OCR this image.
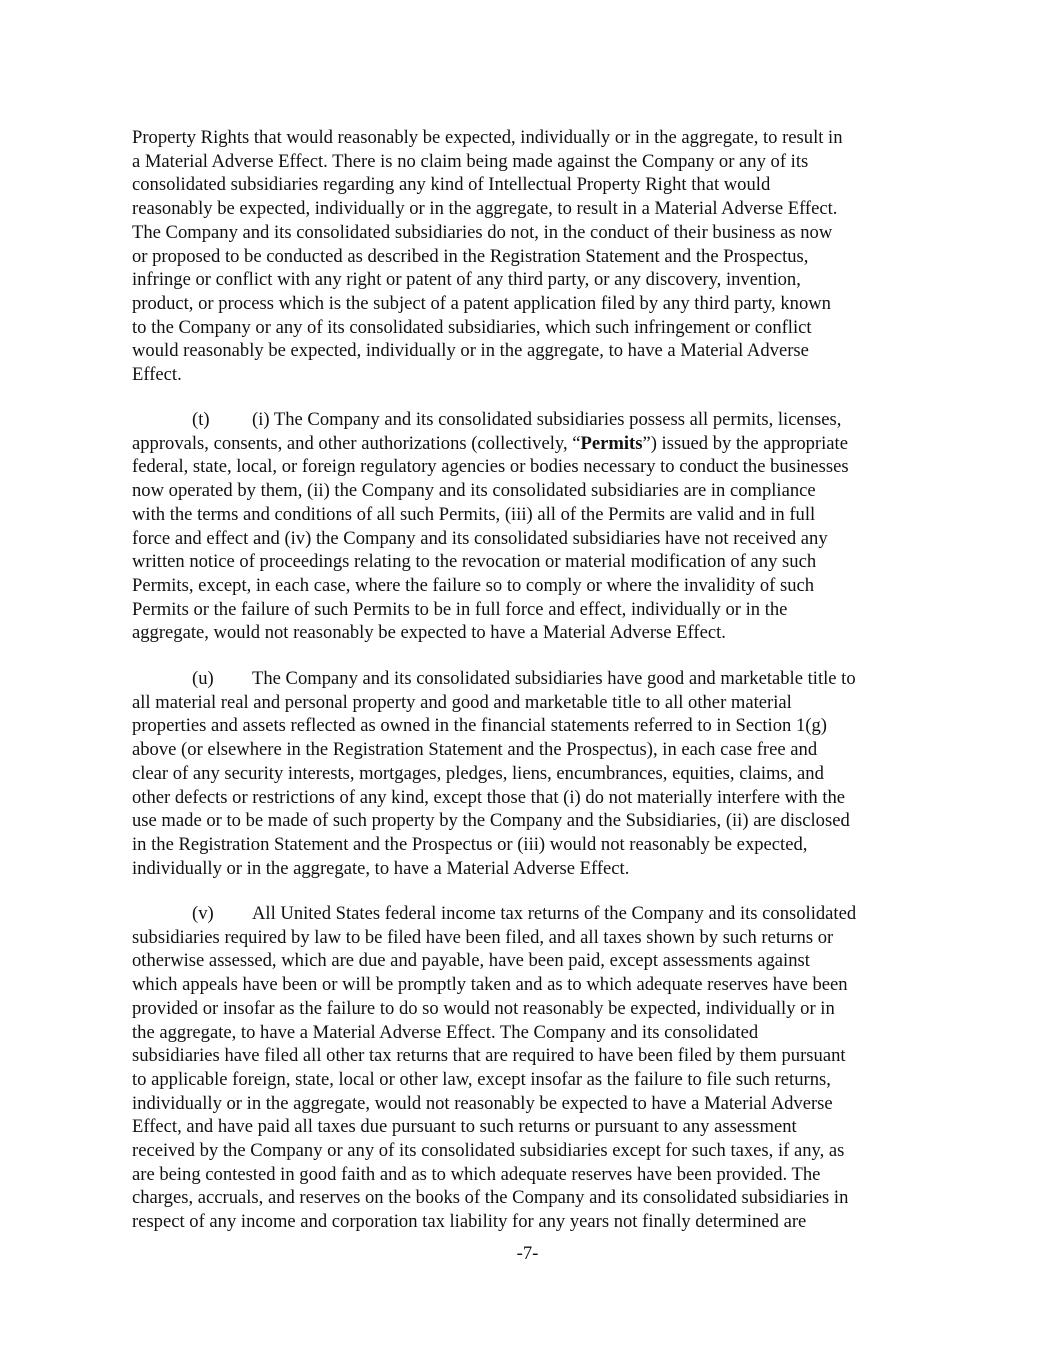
Property Rights that would reasonably be expected, individually or in the aggregate, to result in
a Material Adverse Effect. There is no claim being made against the Company or any of its
consolidated subsidiaries regarding any kind of Intellectual Property Right that would
reasonably be expected, individually or in the aggregate, to result in a Material Adverse Effect.
The Company and its consolidated subsidiaries do not, in the conduct of their business as now
or proposed to be conducted as described in the Registration Statement and the Prospectus,
infringe or conflict with any right or patent of any third party, or any discovery, invention,
product, or process which is the subject of a patent application filed by any third party, known
to the Company or any of its consolidated subsidiaries, which such infringement or conflict
would reasonably be expected, individually or in the aggregate, to have a Material Adverse
Effect.

(t) (i) The Company and its consolidated subsidiaries possess all permits, licenses,
approvals, consents, and other authorizations (collectively, “Permits”) issued by the appropriate
federal, state, local, or foreign regulatory agencies or bodies necessary to conduct the businesses
now operated by them, (ii) the Company and its consolidated subsidiaries are in compliance
with the terms and conditions of all such Permits, (iii) all of the Permits are valid and in full
force and effect and (iv) the Company and its consolidated subsidiaries have not received any
written notice of proceedings relating to the revocation or material modification of any such
Permits, except, in each case, where the failure so to comply or where the invalidity of such
Permits or the failure of such Permits to be in full force and effect, individually or in the
aggregate, would not reasonably be expected to have a Material Adverse Effect.

(u) The Company and its consolidated subsidiaries have good and marketable title to
all material real and personal property and good and marketable title to all other material
properties and assets reflected as owned in the financial statements referred to in Section 1(g)
above (or elsewhere in the Registration Statement and the Prospectus), in each case free and
clear of any security interests, mortgages, pledges, liens, encumbrances, equities, claims, and
other defects or restrictions of any kind, except those that (i) do not materially interfere with the
use made or to be made of such property by the Company and the Subsidiaries, (ii) are disclosed
in the Registration Statement and the Prospectus or (iii) would not reasonably be expected,
individually or in the aggregate, to have a Material Adverse Effect.

(v) All United States federal income tax returns of the Company and its consolidated
subsidiaries required by law to be filed have been filed, and all taxes shown by such returns or
otherwise assessed, which are due and payable, have been paid, except assessments against
which appeals have been or will be promptly taken and as to which adequate reserves have been
provided or insofar as the failure to do so would not reasonably be expected, individually or in
the aggregate, to have a Material Adverse Effect. The Company and its consolidated
subsidiaries have filed all other tax returns that are required to have been filed by them pursuant
to applicable foreign, state, local or other law, except insofar as the failure to file such returns,
individually or in the aggregate, would not reasonably be expected to have a Material Adverse
Effect, and have paid all taxes due pursuant to such returns or pursuant to any assessment
received by the Company or any of its consolidated subsidiaries except for such taxes, if any, as
are being contested in good faith and as to which adequate reserves have been provided. The
charges, accruals, and reserves on the books of the Company and its consolidated subsidiaries in
respect of any income and corporation tax liability for any years not finally determined are

-7-
